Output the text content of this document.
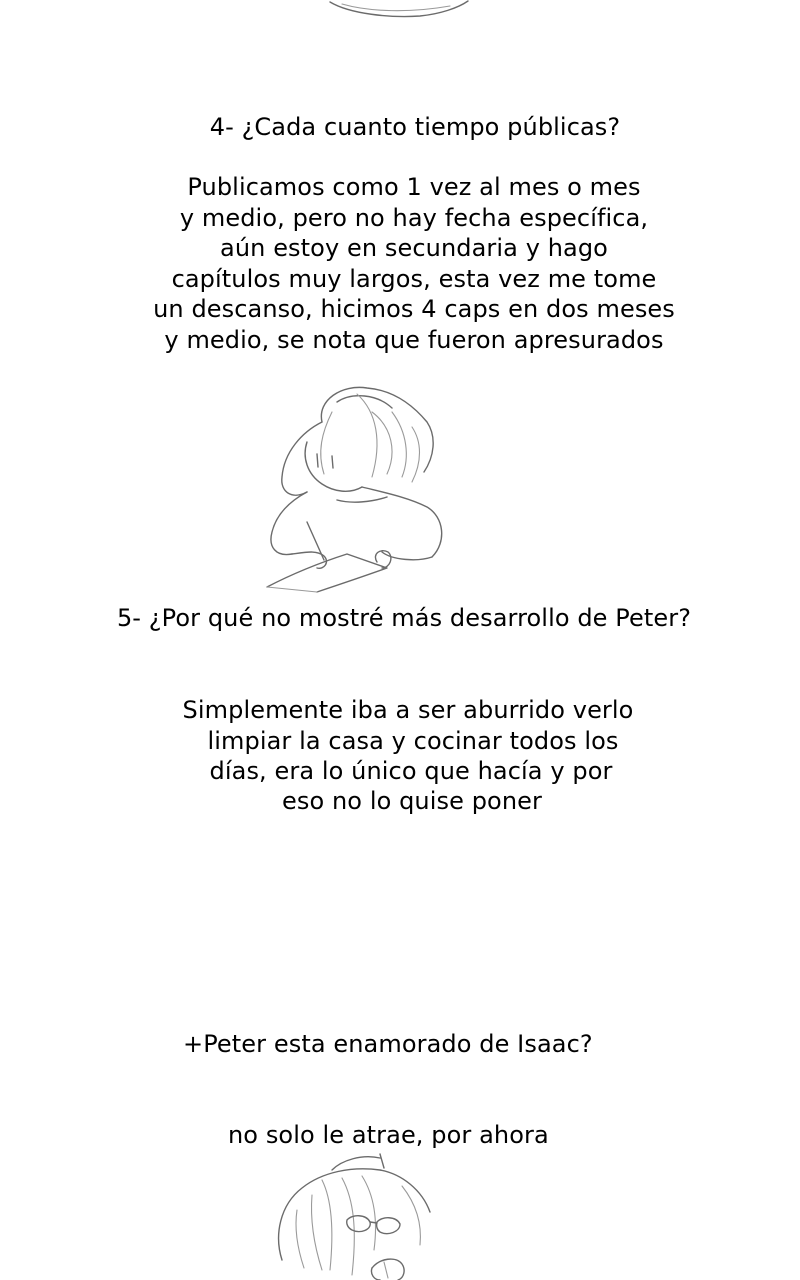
4- ¿Cada cuanto tiempo públicas?
Publicamos como 1 vez al mes o mes
y medio, pero no hay fecha específica,
aún estoy en secundaria y hago
capítulos muy largos, esta vez me tome
un descanso, hicimos 4 caps en dos meses
y medio, se nota que fueron apresurados
5- ¿Por qué no mostré más desarrollo de Peter?
Simplemente iba a ser aburrido verlo
limpiar la casa y cocinar todos los
días, era lo único que hacía y por
eso no lo quise poner
+Peter esta enamorado de Isaac?
no solo le atrae, por ahora
